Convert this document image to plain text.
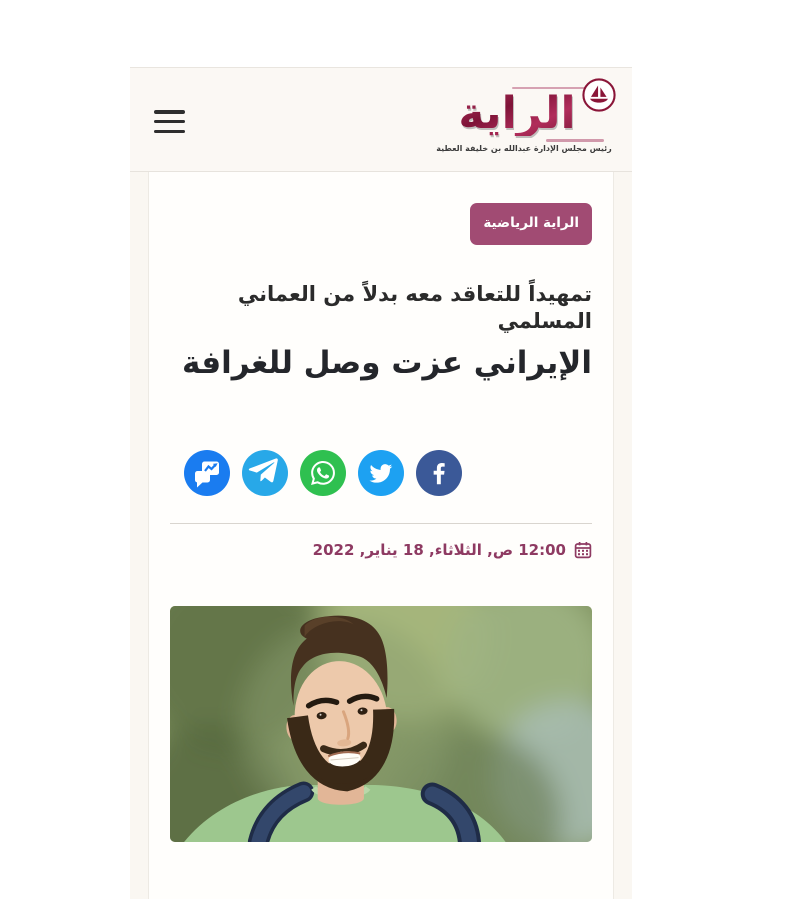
الراية
رئيس مجلس الإدارة عبدالله بن خليفة العطية
الراية الرياضية
تمهيداً للتعاقد معه بدلاً من العماني المسلمي
الإيراني عزت وصل للغرافة
12:00 ص, الثلاثاء, 18 يناير, 2022
